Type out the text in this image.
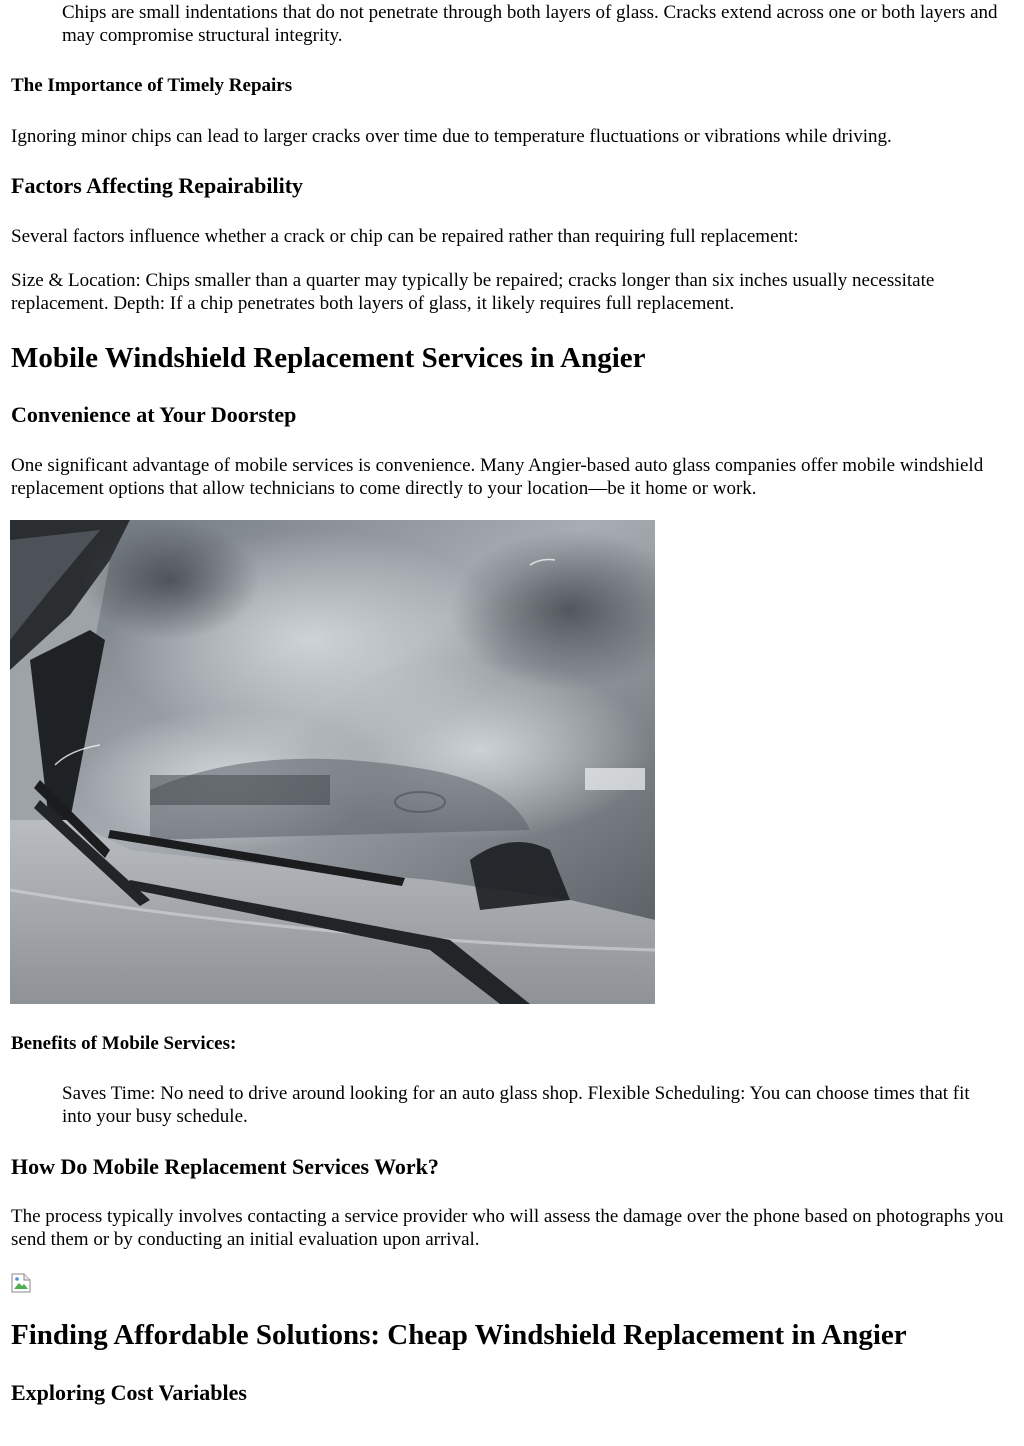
Chips are small indentations that do not penetrate through both layers of glass. Cracks extend across one or both layers and may compromise structural integrity.

The Importance of Timely Repairs

Ignoring minor chips can lead to larger cracks over time due to temperature fluctuations or vibrations while driving.

Factors Affecting Repairability

Several factors influence whether a crack or chip can be repaired rather than requiring full replacement:

Size & Location: Chips smaller than a quarter may typically be repaired; cracks longer than six inches usually necessitate replacement. Depth: If a chip penetrates both layers of glass, it likely requires full replacement.

Mobile Windshield Replacement Services in Angier
Convenience at Your Doorstep

One significant advantage of mobile services is convenience. Many Angier-based auto glass companies offer mobile windshield replacement options that allow technicians to come directly to your location—be it home or work.

Benefits of Mobile Services:

Saves Time: No need to drive around looking for an auto glass shop. Flexible Scheduling: You can choose times that fit into your busy schedule.

How Do Mobile Replacement Services Work?

The process typically involves contacting a service provider who will assess the damage over the phone based on photographs you send them or by conducting an initial evaluation upon arrival.

Finding Affordable Solutions: Cheap Windshield Replacement in Angier
Exploring Cost Variables
